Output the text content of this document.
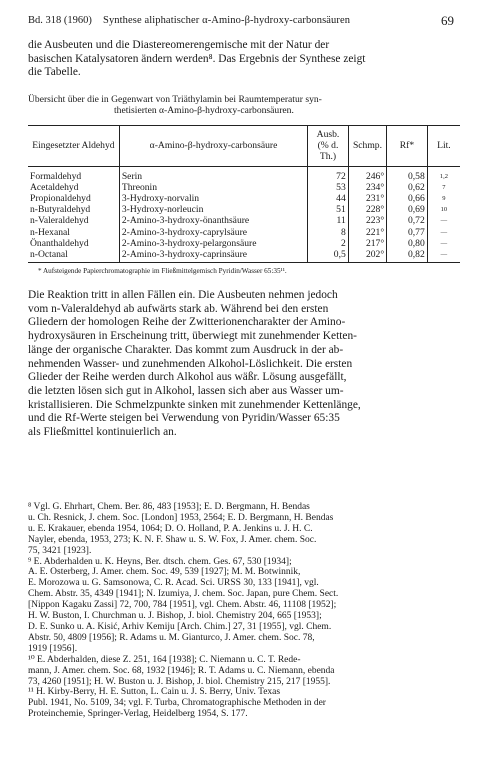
Bd. 318 (1960) Synthese aliphatischer α-Amino-β-hydroxy-carbonsäuren	69
die Ausbeuten und die Diastereomerengemische mit der Natur der
basischen Katalysatoren ändern werden⁸. Das Ergebnis der Synthese zeigt
die Tabelle.
Übersicht über die in Gegenwart von Triäthylamin bei Raumtemperatur syn-
thetisierten α-Amino-β-hydroxy-carbonsäuren.
Eingesetzter Aldehyd	α-Amino-β-hydroxy-carbonsäure	Ausb. (% d. Th.)	Schmp.	Rf*	Lit.
Formaldehyd	Serin	72	246°	0,58	1,2
Acetaldehyd	Threonin	53	234°	0,62	7
Propionaldehyd	3-Hydroxy-norvalin	44	231°	0,66	9
n-Butyraldehyd	3-Hydroxy-norleucin	51	228°	0,69	10
n-Valeraldehyd	2-Amino-3-hydroxy-önanthsäure	11	223°	0,72	—
n-Hexanal	2-Amino-3-hydroxy-caprylsäure	8	221°	0,77	—
Önanthaldehyd	2-Amino-3-hydroxy-pelargonsäure	2	217°	0,80	—
n-Octanal	2-Amino-3-hydroxy-caprinsäure	0,5	202°	0,82	—
* Aufsteigende Papierchromatographie im Fließmittelgemisch Pyridin/Wasser 65:35¹¹.
Die Reaktion tritt in allen Fällen ein. Die Ausbeuten nehmen jedoch
vom n-Valeraldehyd ab aufwärts stark ab. Während bei den ersten
Gliedern der homologen Reihe der Zwitterionencharakter der Amino-
hydroxysäuren in Erscheinung tritt, überwiegt mit zunehmender Ketten-
länge der organische Charakter. Das kommt zum Ausdruck in der ab-
nehmenden Wasser- und zunehmenden Alkohol-Löslichkeit. Die ersten
Glieder der Reihe werden durch Alkohol aus wäßr. Lösung ausgefällt,
die letzten lösen sich gut in Alkohol, lassen sich aber aus Wasser um-
kristallisieren. Die Schmelzpunkte sinken mit zunehmender Kettenlänge,
und die Rf-Werte steigen bei Verwendung von Pyridin/Wasser 65:35
als Fließmittel kontinuierlich an.
⁸ Vgl. G. Ehrhart, Chem. Ber. 86, 483 [1953]; E. D. Bergmann, H. Bendas
u. Ch. Resnick, J. chem. Soc. [London] 1953, 2564; E. D. Bergmann, H. Bendas
u. E. Krakauer, ebenda 1954, 1064; D. O. Holland, P. A. Jenkins u. J. H. C.
Nayler, ebenda, 1953, 273; K. N. F. Shaw u. S. W. Fox, J. Amer. chem. Soc.
75, 3421 [1923].
⁹ E. Abderhalden u. K. Heyns, Ber. dtsch. chem. Ges. 67, 530 [1934];
A. E. Osterberg, J. Amer. chem. Soc. 49, 539 [1927]; M. M. Botwinnik,
E. Morozowa u. G. Samsonowa, C. R. Acad. Sci. URSS 30, 133 [1941], vgl.
Chem. Abstr. 35, 4349 [1941]; N. Izumiya, J. chem. Soc. Japan, pure Chem. Sect.
[Nippon Kagaku Zassi] 72, 700, 784 [1951], vgl. Chem. Abstr. 46, 11108 [1952];
H. W. Buston, I. Churchman u. J. Bishop, J. biol. Chemistry 204, 665 [1953];
D. E. Sunko u. A. Kisić, Arhiv Kemiju [Arch. Chim.] 27, 31 [1955], vgl. Chem.
Abstr. 50, 4809 [1956]; R. Adams u. M. Gianturco, J. Amer. chem. Soc. 78,
1919 [1956].
¹⁰ E. Abderhalden, diese Z. 251, 164 [1938]; C. Niemann u. C. T. Rede-
mann, J. Amer. chem. Soc. 68, 1932 [1946]; R. T. Adams u. C. Niemann, ebenda
73, 4260 [1951]; H. W. Buston u. J. Bishop, J. biol. Chemistry 215, 217 [1955].
¹¹ H. Kirby-Berry, H. E. Sutton, L. Cain u. J. S. Berry, Univ. Texas
Publ. 1941, No. 5109, 34; vgl. F. Turba, Chromatographische Methoden in der
Proteinchemie, Springer-Verlag, Heidelberg 1954, S. 177.
